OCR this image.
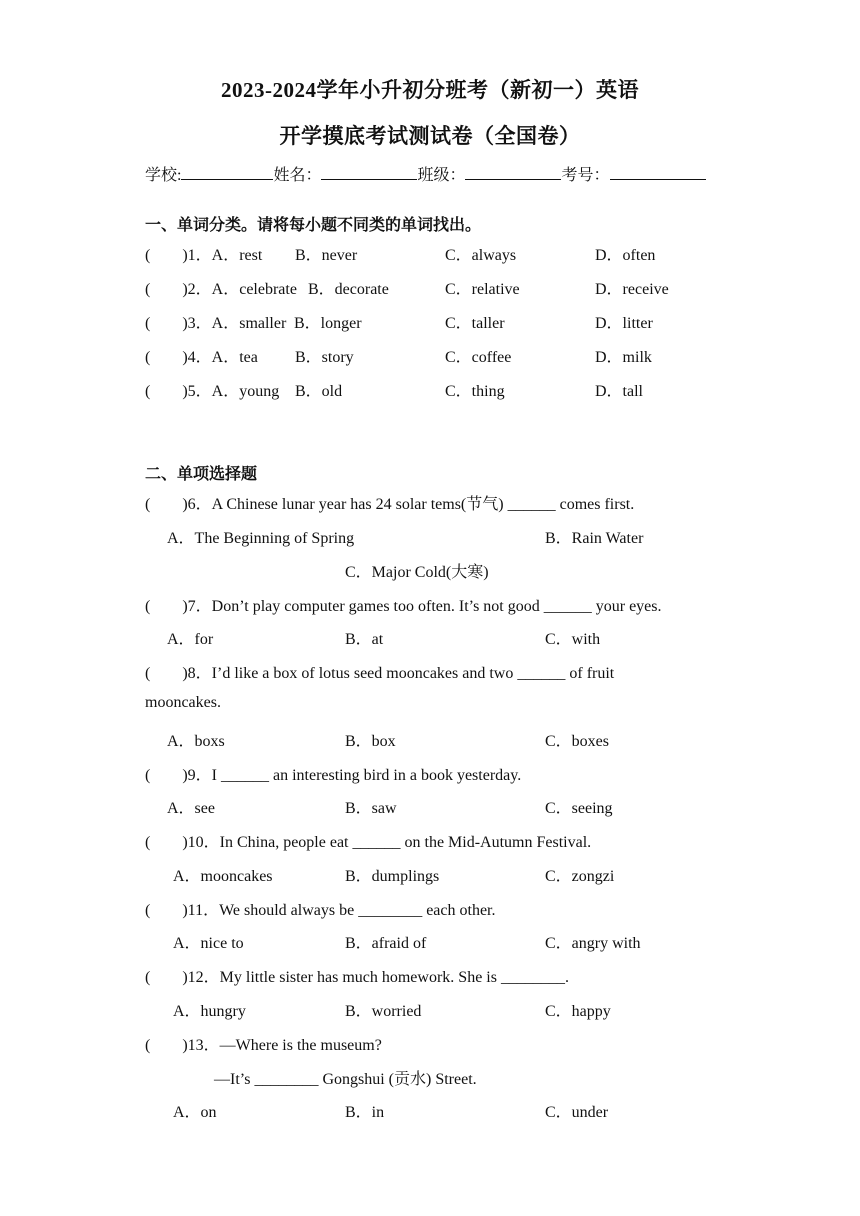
2023-2024学年小升初分班考（新初一）英语
开学摸底考试测试卷（全国卷）
学校:	姓名：	班级：	考号：
一、单词分类。请将每小题不同类的单词找出。
(　　)1．A．rest B．never	C．always	D．often
(　　)2．A．celebrate B．decorate	C．relative	D．receive
(　　)3．A．smaller B．longer	C．taller	D．litter
(　　)4．A．tea B．story	C．coffee	D．milk
(　　)5．A．young B．old	C．thing	D．tall
二、单项选择题
(　　)6．A Chinese lunar year has 24 solar tems(节气) ______ comes first.
A．The Beginning of Spring	B．Rain Water
C．Major Cold(大寒)
(　　)7．Don’t play computer games too often. It’s not good ______ your eyes.
A．for	B．at	C．with
(　　)8．I’d like a box of lotus seed mooncakes and two ______ of fruit
mooncakes.
A．boxs	B．box	C．boxes
(　　)9．I ______ an interesting bird in a book yesterday.
A．see	B．saw	C．seeing
(　　)10．In China, people eat ______ on the Mid-Autumn Festival.
A．mooncakes	B．dumplings	C．zongzi
(　　)11．We should always be ________ each other.
A．nice to	B．afraid of	C．angry with
(　　)12．My little sister has much homework. She is ________.
A．hungry	B．worried	C．happy
(　　)13．—Where is the museum?
—It’s ________ Gongshui (贡水) Street.
A．on	B．in	C．under
